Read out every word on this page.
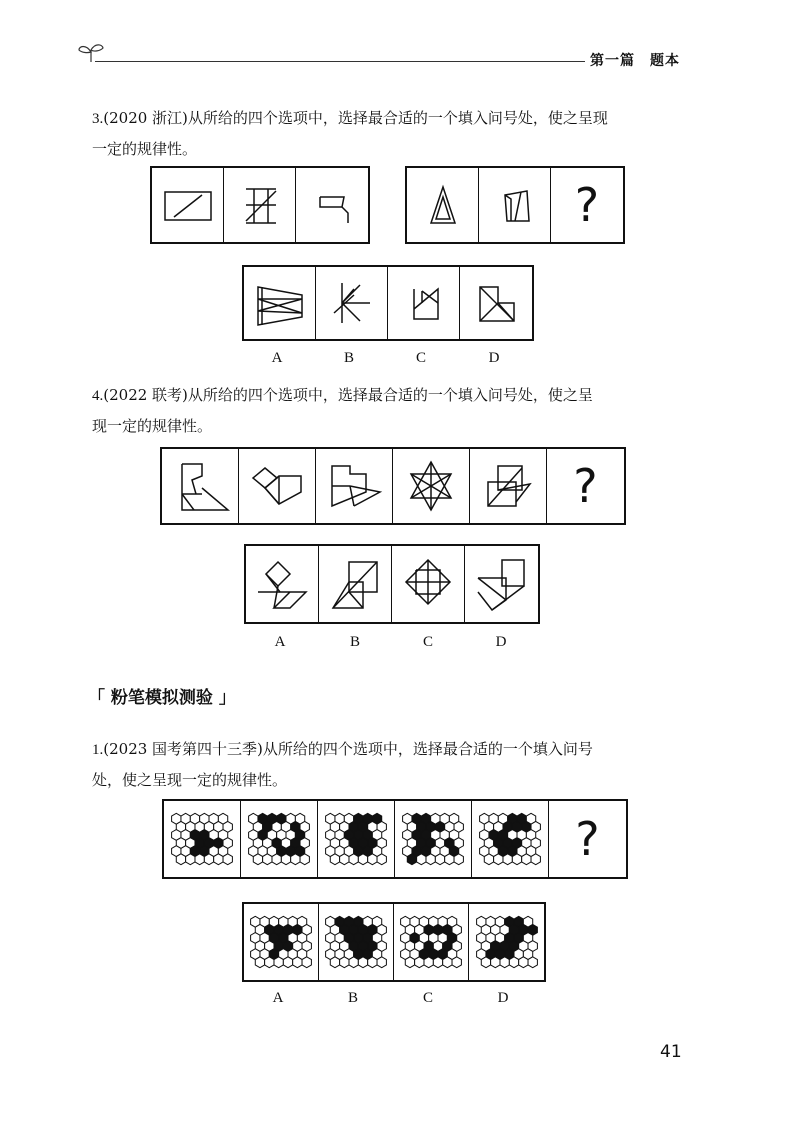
第一篇　题本
3.(2020 浙江)从所给的四个选项中，选择最合适的一个填入问号处，使之呈现
一定的规律性。
?
A	B	C	D
4.(2022 联考)从所给的四个选项中，选择最合适的一个填入问号处，使之呈
现一定的规律性。
?
A	B	C	D
「 粉笔模拟测验 」
1.(2023 国考第四十三季)从所给的四个选项中，选择最合适的一个填入问号
处，使之呈现一定的规律性。
?
A	B	C	D
41
